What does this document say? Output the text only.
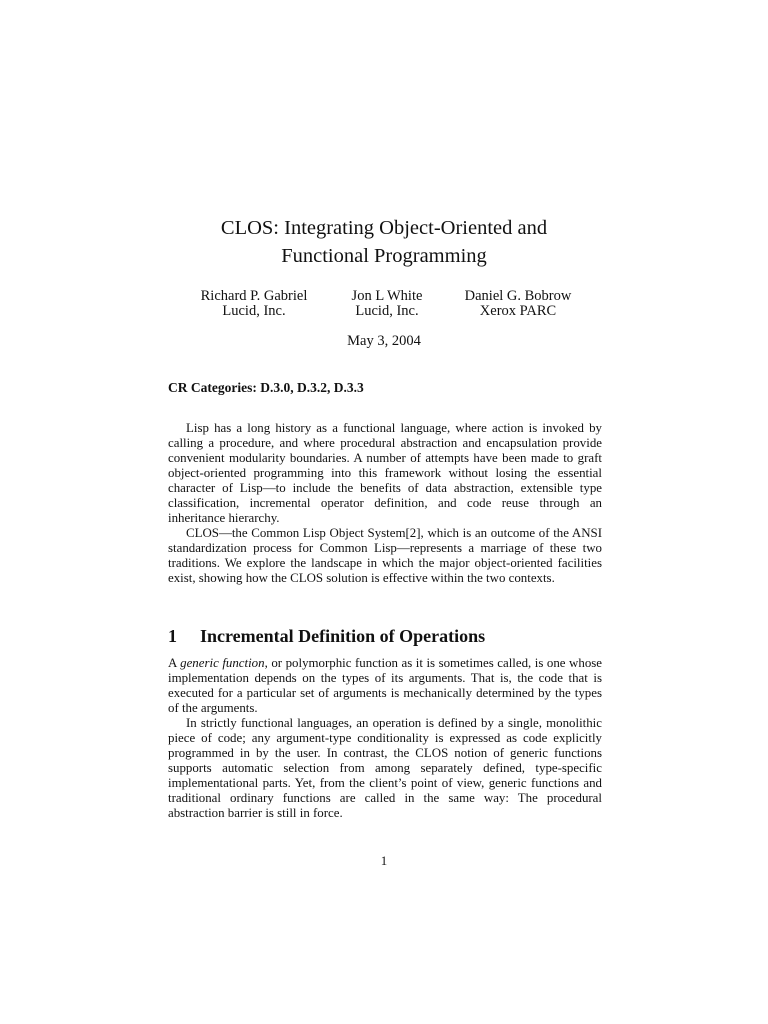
CLOS: Integrating Object-Oriented and
Functional Programming
Richard P. Gabriel
Lucid, Inc.
Jon L White
Lucid, Inc.
Daniel G. Bobrow
Xerox PARC
May 3, 2004
CR Categories: D.3.0, D.3.2, D.3.3

Lisp has a long history as a functional language, where action is invoked by calling a procedure, and where procedural abstraction and encapsulation provide convenient modularity boundaries. A number of attempts have been made to graft object-oriented programming into this framework without losing the essential character of Lisp—to include the benefits of data abstraction, extensible type classification, incremental operator definition, and code reuse through an inheritance hierarchy.

CLOS—the Common Lisp Object System[2], which is an outcome of the ANSI standardization process for Common Lisp—represents a marriage of these two traditions. We explore the landscape in which the major object-oriented facilities exist, showing how the CLOS solution is effective within the two contexts.

1 Incremental Definition of Operations

A generic function, or polymorphic function as it is sometimes called, is one whose implementation depends on the types of its arguments. That is, the code that is executed for a particular set of arguments is mechanically determined by the types of the arguments.

In strictly functional languages, an operation is defined by a single, monolithic piece of code; any argument-type conditionality is expressed as code explicitly programmed in by the user. In contrast, the CLOS notion of generic functions supports automatic selection from among separately defined, type-specific implementational parts. Yet, from the client’s point of view, generic functions and traditional ordinary functions are called in the same way: The procedural abstraction barrier is still in force.

1
